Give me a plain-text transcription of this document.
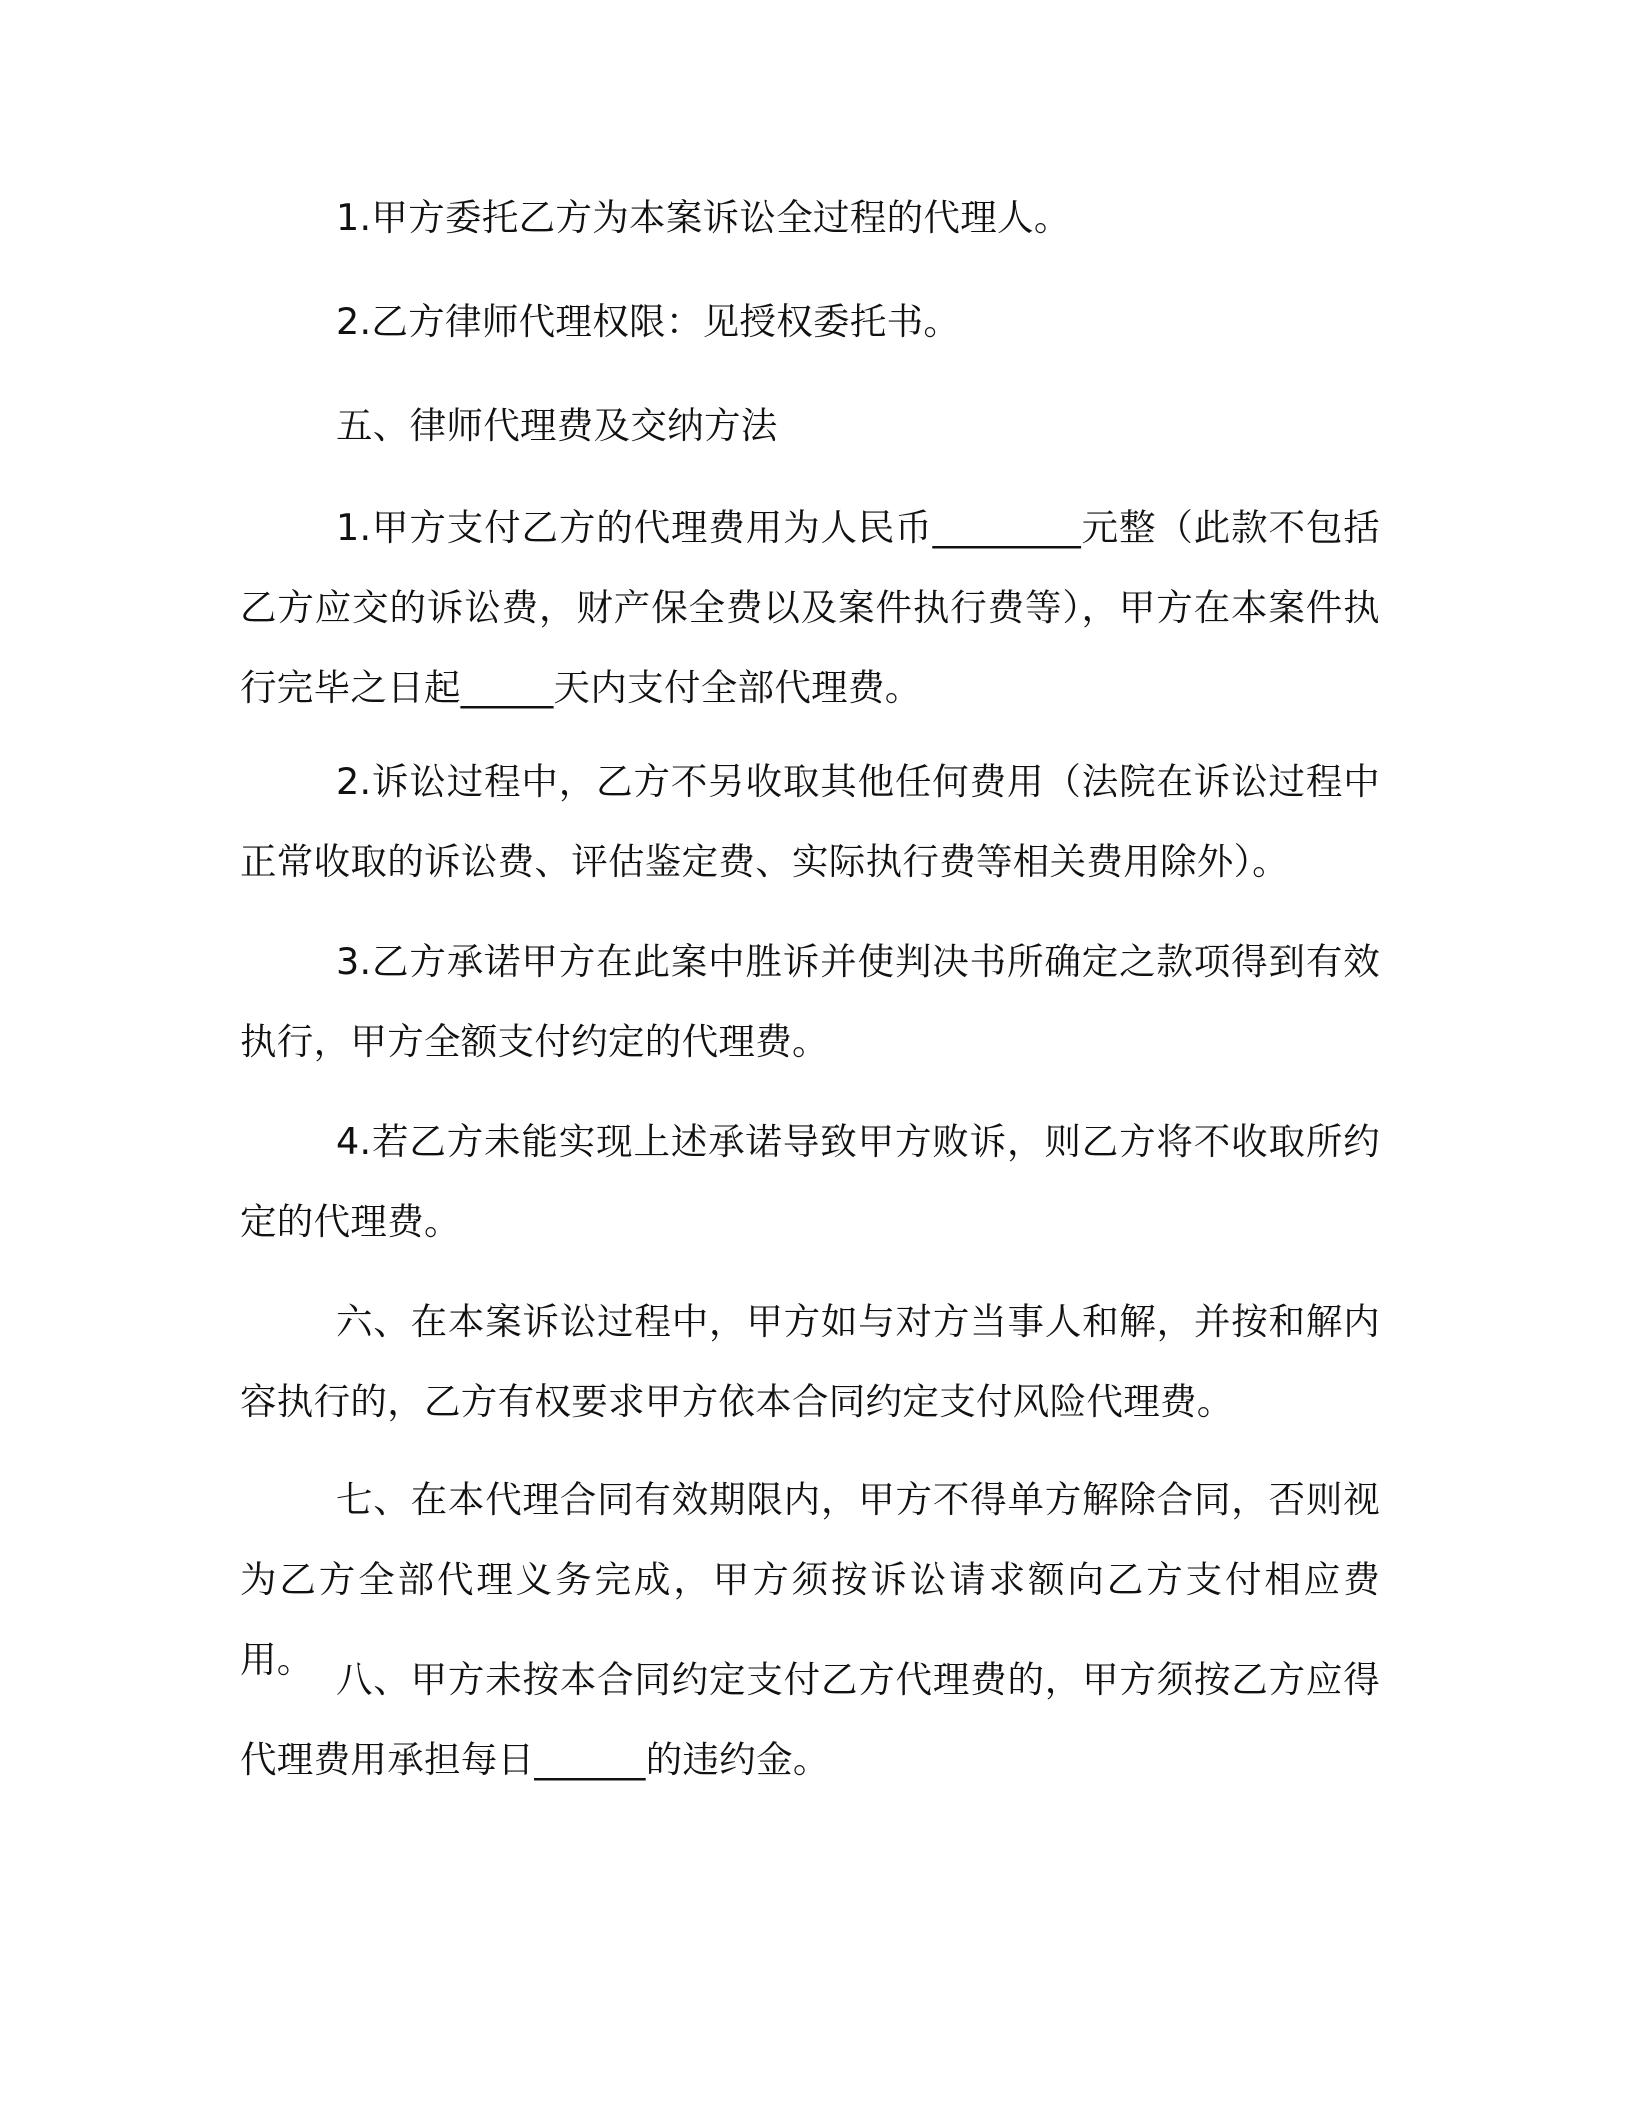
1.甲方委托乙方为本案诉讼全过程的代理人。

2.乙方律师代理权限：见授权委托书。

五、律师代理费及交纳方法

1.甲方支付乙方的代理费用为人民币________元整（此款不包括乙方应交的诉讼费，财产保全费以及案件执行费等），甲方在本案件执行完毕之日起_____天内支付全部代理费。

2.诉讼过程中，乙方不另收取其他任何费用（法院在诉讼过程中正常收取的诉讼费、评估鉴定费、实际执行费等相关费用除外）。

3.乙方承诺甲方在此案中胜诉并使判决书所确定之款项得到有效执行，甲方全额支付约定的代理费。

4.若乙方未能实现上述承诺导致甲方败诉，则乙方将不收取所约定的代理费。

六、在本案诉讼过程中，甲方如与对方当事人和解，并按和解内容执行的，乙方有权要求甲方依本合同约定支付风险代理费。

七、在本代理合同有效期限内，甲方不得单方解除合同，否则视为乙方全部代理义务完成，甲方须按诉讼请求额向乙方支付相应费用。 八、甲方未按本合同约定支付乙方代理费的，甲方须按乙方应得代理费用承担每日______的违约金。
